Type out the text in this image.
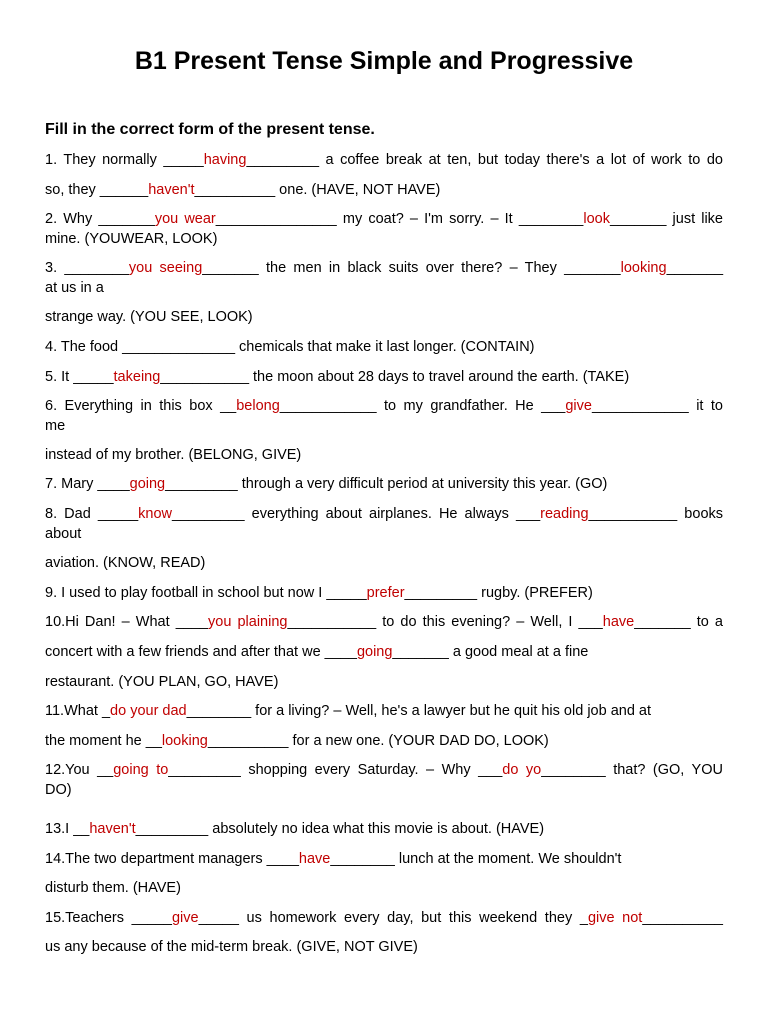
B1 Present Tense Simple and Progressive
Fill in the correct form of the present tense.
1. They normally _____having_________ a coffee break at ten, but today there's a lot of work to do
so, they ______haven't__________ one. (HAVE, NOT HAVE)
2. Why _______you wear_______________ my coat? – I'm sorry. – It ________look_______ just like
mine. (YOUWEAR, LOOK)
3. ________you seeing_______ the men in black suits over there? – They _______looking_______
at us in a
strange way. (YOU SEE, LOOK)
4. The food ______________ chemicals that make it last longer. (CONTAIN)
5. It _____takeing___________ the moon about 28 days to travel around the earth. (TAKE)
6. Everything in this box __belong____________ to my grandfather. He ___give____________ it to
me
instead of my brother. (BELONG, GIVE)
7. Mary ____going_________ through a very difficult period at university this year. (GO)
8. Dad _____know_________ everything about airplanes. He always ___reading___________ books
about
aviation. (KNOW, READ)
9. I used to play football in school but now I _____prefer_________ rugby. (PREFER)
10.Hi Dan! – What ____you plaining___________ to do this evening? – Well, I ___have_______ to a
concert with a few friends and after that we ____going_______ a good meal at a fine
restaurant. (YOU PLAN, GO, HAVE)
11.What _do your dad________ for a living? – Well, he's a lawyer but he quit his old job and at
the moment he __looking__________ for a new one. (YOUR DAD DO, LOOK)
12.You __going to_________ shopping every Saturday. – Why ___do yo________ that? (GO, YOU
DO)
13.I __haven't_________ absolutely no idea what this movie is about. (HAVE)
14.The two department managers ____have________ lunch at the moment. We shouldn't
disturb them. (HAVE)
15.Teachers _____give_____ us homework every day, but this weekend they _give not__________
us any because of the mid-term break. (GIVE, NOT GIVE)
